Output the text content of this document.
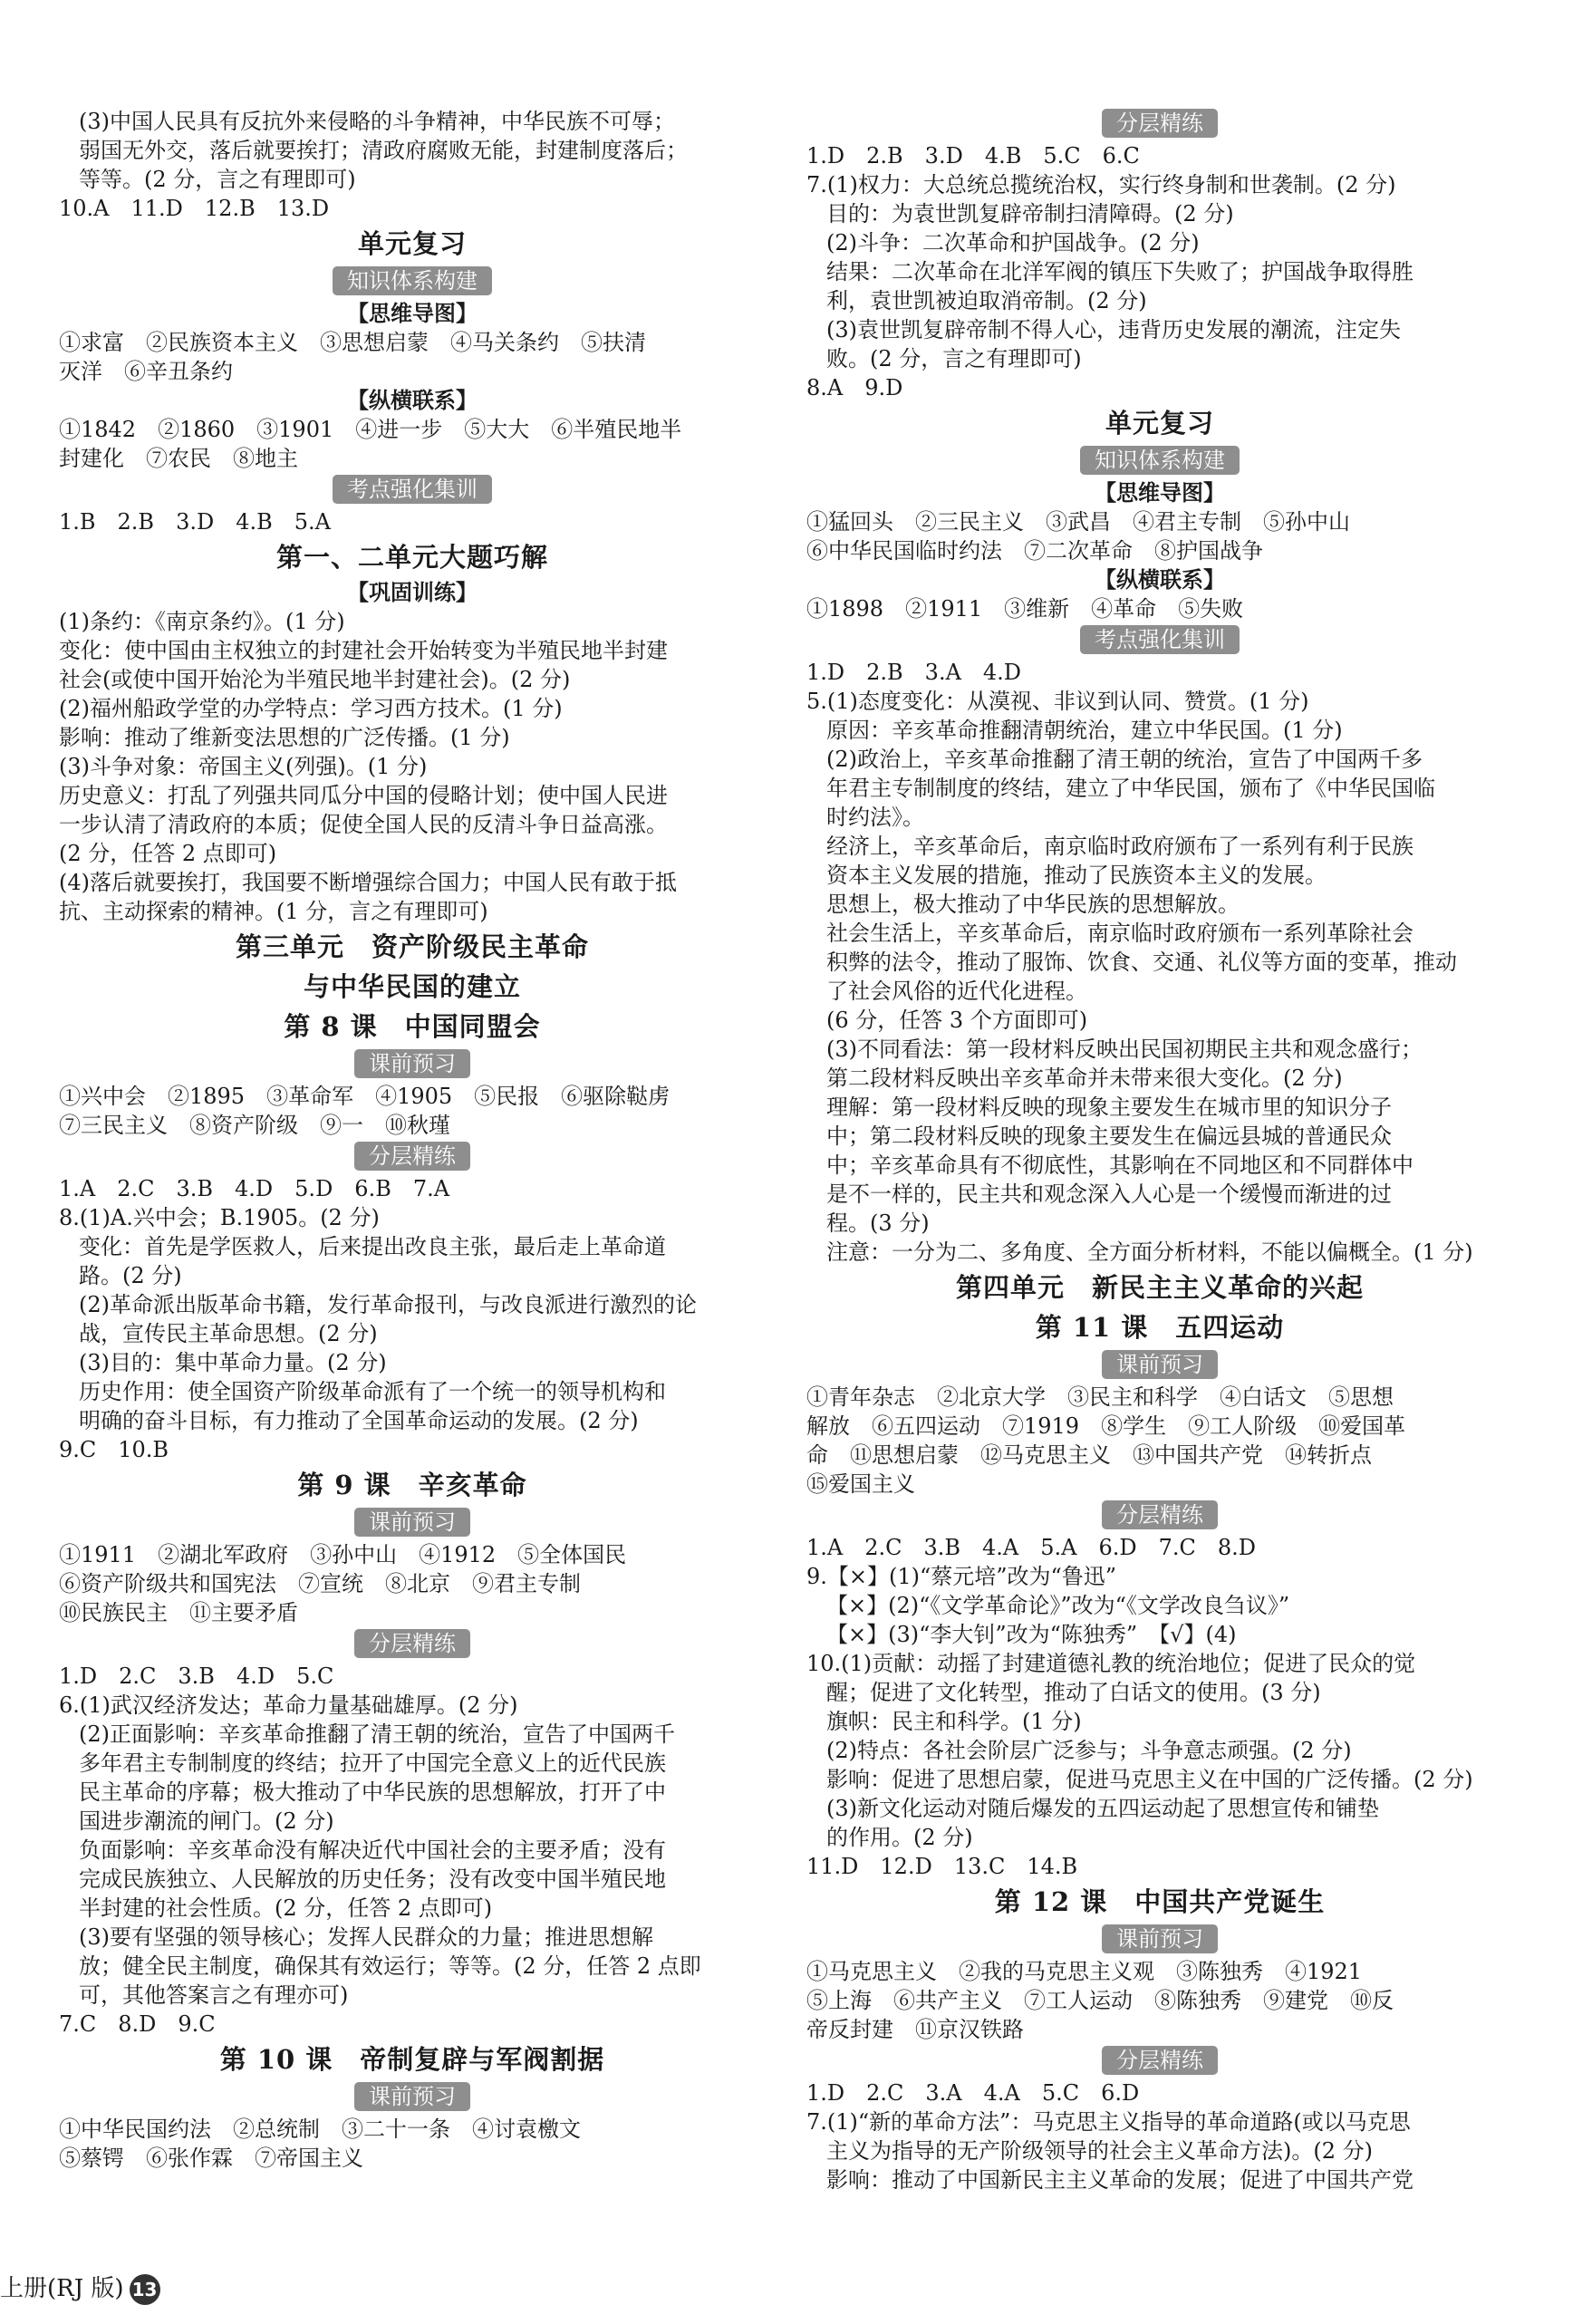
(3)中国人民具有反抗外来侵略的斗争精神，中华民族不可辱；
弱国无外交，落后就要挨打；清政府腐败无能，封建制度落后；
等等。(2 分，言之有理即可)
10.A　11.D　12.B　13.D
单元复习
知识体系构建
【思维导图】
①求富　②民族资本主义　③思想启蒙　④马关条约　⑤扶清
灭洋　⑥辛丑条约
【纵横联系】
①1842　②1860　③1901　④进一步　⑤大大　⑥半殖民地半
封建化　⑦农民　⑧地主
考点强化集训
1.B　2.B　3.D　4.B　5.A
第一、二单元大题巧解
【巩固训练】
(1)条约：《南京条约》。(1 分)
变化：使中国由主权独立的封建社会开始转变为半殖民地半封建
社会(或使中国开始沦为半殖民地半封建社会)。(2 分)
(2)福州船政学堂的办学特点：学习西方技术。(1 分)
影响：推动了维新变法思想的广泛传播。(1 分)
(3)斗争对象：帝国主义(列强)。(1 分)
历史意义：打乱了列强共同瓜分中国的侵略计划；使中国人民进
一步认清了清政府的本质；促使全国人民的反清斗争日益高涨。
(2 分，任答 2 点即可)
(4)落后就要挨打，我国要不断增强综合国力；中国人民有敢于抵
抗、主动探索的精神。(1 分，言之有理即可)
第三单元　资产阶级民主革命
与中华民国的建立
第 8 课　中国同盟会
课前预习
①兴中会　②1895　③革命军　④1905　⑤民报　⑥驱除鞑虏
⑦三民主义　⑧资产阶级　⑨一　⑩秋瑾
分层精练
1.A　2.C　3.B　4.D　5.D　6.B　7.A
8.(1)A.兴中会；B.1905。(2 分)
变化：首先是学医救人，后来提出改良主张，最后走上革命道
路。(2 分)
(2)革命派出版革命书籍，发行革命报刊，与改良派进行激烈的论
战，宣传民主革命思想。(2 分)
(3)目的：集中革命力量。(2 分)
历史作用：使全国资产阶级革命派有了一个统一的领导机构和
明确的奋斗目标，有力推动了全国革命运动的发展。(2 分)
9.C　10.B
第 9 课　辛亥革命
课前预习
①1911　②湖北军政府　③孙中山　④1912　⑤全体国民
⑥资产阶级共和国宪法　⑦宣统　⑧北京　⑨君主专制
⑩民族民主　⑪主要矛盾
分层精练
1.D　2.C　3.B　4.D　5.C
6.(1)武汉经济发达；革命力量基础雄厚。(2 分)
(2)正面影响：辛亥革命推翻了清王朝的统治，宣告了中国两千
多年君主专制制度的终结；拉开了中国完全意义上的近代民族
民主革命的序幕；极大推动了中华民族的思想解放，打开了中
国进步潮流的闸门。(2 分)
负面影响：辛亥革命没有解决近代中国社会的主要矛盾；没有
完成民族独立、人民解放的历史任务；没有改变中国半殖民地
半封建的社会性质。(2 分，任答 2 点即可)
(3)要有坚强的领导核心；发挥人民群众的力量；推进思想解
放；健全民主制度，确保其有效运行；等等。(2 分，任答 2 点即
可，其他答案言之有理亦可)
7.C　8.D　9.C
第 10 课　帝制复辟与军阀割据
课前预习
①中华民国约法　②总统制　③二十一条　④讨袁檄文
⑤蔡锷　⑥张作霖　⑦帝国主义
分层精练
1.D　2.B　3.D　4.B　5.C　6.C
7.(1)权力：大总统总揽统治权，实行终身制和世袭制。(2 分)
目的：为袁世凯复辟帝制扫清障碍。(2 分)
(2)斗争：二次革命和护国战争。(2 分)
结果：二次革命在北洋军阀的镇压下失败了；护国战争取得胜
利，袁世凯被迫取消帝制。(2 分)
(3)袁世凯复辟帝制不得人心，违背历史发展的潮流，注定失
败。(2 分，言之有理即可)
8.A　9.D
单元复习
知识体系构建
【思维导图】
①猛回头　②三民主义　③武昌　④君主专制　⑤孙中山
⑥中华民国临时约法　⑦二次革命　⑧护国战争
【纵横联系】
①1898　②1911　③维新　④革命　⑤失败
考点强化集训
1.D　2.B　3.A　4.D
5.(1)态度变化：从漠视、非议到认同、赞赏。(1 分)
原因：辛亥革命推翻清朝统治，建立中华民国。(1 分)
(2)政治上，辛亥革命推翻了清王朝的统治，宣告了中国两千多
年君主专制制度的终结，建立了中华民国，颁布了《中华民国临
时约法》。
经济上，辛亥革命后，南京临时政府颁布了一系列有利于民族
资本主义发展的措施，推动了民族资本主义的发展。
思想上，极大推动了中华民族的思想解放。
社会生活上，辛亥革命后，南京临时政府颁布一系列革除社会
积弊的法令，推动了服饰、饮食、交通、礼仪等方面的变革，推动
了社会风俗的近代化进程。
(6 分，任答 3 个方面即可)
(3)不同看法：第一段材料反映出民国初期民主共和观念盛行；
第二段材料反映出辛亥革命并未带来很大变化。(2 分)
理解：第一段材料反映的现象主要发生在城市里的知识分子
中；第二段材料反映的现象主要发生在偏远县城的普通民众
中；辛亥革命具有不彻底性，其影响在不同地区和不同群体中
是不一样的，民主共和观念深入人心是一个缓慢而渐进的过
程。(3 分)
注意：一分为二、多角度、全方面分析材料，不能以偏概全。(1 分)
第四单元　新民主主义革命的兴起
第 11 课　五四运动
课前预习
①青年杂志　②北京大学　③民主和科学　④白话文　⑤思想
解放　⑥五四运动　⑦1919　⑧学生　⑨工人阶级　⑩爱国革
命　⑪思想启蒙　⑫马克思主义　⑬中国共产党　⑭转折点
⑮爱国主义
分层精练
1.A　2.C　3.B　4.A　5.A　6.D　7.C　8.D
9.【×】(1)“蔡元培”改为“鲁迅”
【×】(2)“《文学革命论》”改为“《文学改良刍议》”
【×】(3)“李大钊”改为“陈独秀”　【√】(4)
10.(1)贡献：动摇了封建道德礼教的统治地位；促进了民众的觉
醒；促进了文化转型，推动了白话文的使用。(3 分)
旗帜：民主和科学。(1 分)
(2)特点：各社会阶层广泛参与；斗争意志顽强。(2 分)
影响：促进了思想启蒙，促进马克思主义在中国的广泛传播。(2 分)
(3)新文化运动对随后爆发的五四运动起了思想宣传和铺垫
的作用。(2 分)
11.D　12.D　13.C　14.B
第 12 课　中国共产党诞生
课前预习
①马克思主义　②我的马克思主义观　③陈独秀　④1921
⑤上海　⑥共产主义　⑦工人运动　⑧陈独秀　⑨建党　⑩反
帝反封建　⑪京汉铁路
分层精练
1.D　2.C　3.A　4.A　5.C　6.D
7.(1)“新的革命方法”：马克思主义指导的革命道路(或以马克思
主义为指导的无产阶级领导的社会主义革命方法)。(2 分)
影响：推动了中国新民主主义革命的发展；促进了中国共产党
上册(RJ 版) 13
